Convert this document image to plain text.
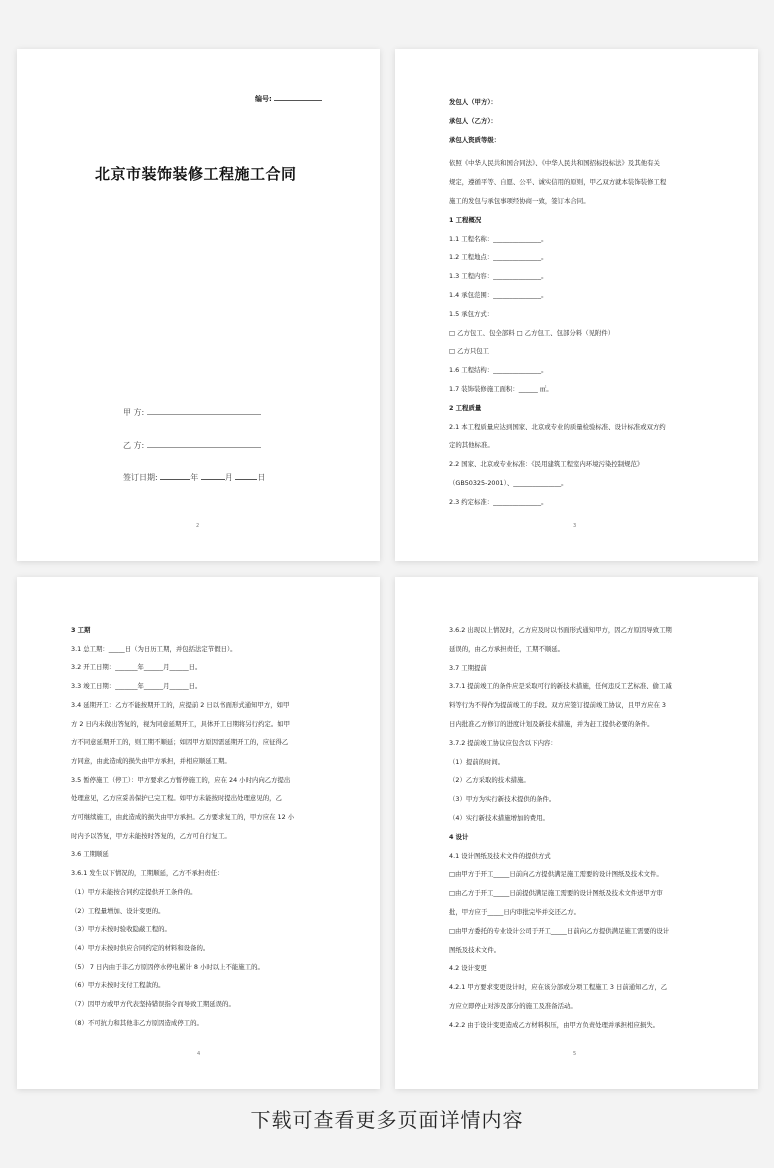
编号:
北京市装饰装修工程施工合同
甲 方:
乙 方:
签订日期:	年	月	日
2
发包人（甲方）：
承包人（乙方）：
承包人资质等级：
依照《中华人民共和国合同法》、《中华人民共和国招标投标法》及其他有关
规定，遵循平等、自愿、公平、诚实信用的原则，甲乙双方就本装饰装修工程
施工的发包与承包事项经协商一致，签订本合同。
1 工程概况
1.1 工程名称：_______________。
1.2 工程地点：_______________。
1.3 工程内容：_______________。
1.4 承包范围：_______________。
1.5 承包方式：
□ 乙方包工、包全部料 □ 乙方包工、包部分料（见附件）
□ 乙方只包工
1.6 工程结构：_______________。
1.7 装饰装修施工面积：______ ㎡。
2 工程质量
2.1 本工程质量应达到国家、北京或专业的质量检验标准、设计标准或双方约
定的其他标准。
2.2 国家、北京或专业标准：《民用建筑工程室内环境污染控制规范》
（GB50325-2001）、_______________。
2.3 约定标准：_______________。
3
3 工期
3.1 总工期：_____日（为日历工期，并包括法定节假日）。
3.2 开工日期：_______年______月______日。
3.3 竣工日期：_______年______月______日。
3.4 延期开工：乙方不能按期开工的，应提前 2 日以书面形式通知甲方，如甲
方 2 日内未做出答复的，视为同意延期开工，具体开工日期将另行约定。如甲
方不同意延期开工的，则工期不顺延；如因甲方原因需延期开工的，应征得乙
方同意，由此造成的损失由甲方承担，并相应顺延工期。
3.5 暂停施工（停工）：甲方要求乙方暂停施工的，应在 24 小时内向乙方提出
处理意见，乙方应妥善保护已完工程。如甲方未能按时提出处理意见的，乙
方可继续施工，由此造成的损失由甲方承担。乙方要求复工的，甲方应在 12 小
时内予以答复，甲方未能按时答复的，乙方可自行复工。
3.6 工期顺延
3.6.1 发生以下情况的，工期顺延，乙方不承担责任：
（1）甲方未能按合同约定提供开工条件的。
（2）工程量增加、设计变更的。
（3）甲方未按时验收隐蔽工程的。
（4）甲方未按时供应合同约定的材料和设备的。
（5） 7 日内由于非乙方原因停水停电累计 8 小时以上不能施工的。
（6）甲方未按时支付工程款的。
（7）因甲方或甲方代表坚持错误指令而导致工期延误的。
（8）不可抗力和其他非乙方原因造成停工的。
4
3.6.2 出现以上情况时，乙方应及时以书面形式通知甲方，因乙方原因导致工期
延误的，由乙方承担责任，工期不顺延。
3.7 工期提前
3.7.1 提前竣工的条件应是采取可行的新技术措施，任何违反工艺标准、偷工减
料等行为不得作为提前竣工的手段。双方应签订提前竣工协议，且甲方应在 3
日内批准乙方修订的进度计划及新技术措施，并为赶工提供必要的条件。
3.7.2 提前竣工协议应包含以下内容：
（1）提前的时间。
（2）乙方采取的技术措施。
（3）甲方为实行新技术提供的条件。
（4）实行新技术措施增加的费用。
4 设计
4.1 设计图纸及技术文件的提供方式
□由甲方于开工_____日前向乙方提供满足施工需要的设计图纸及技术文件。
□由乙方于开工_____日前提供满足施工需要的设计图纸及技术文件送甲方审
批，甲方应于_____日内审批完毕并交还乙方。
□由甲方委托的专业设计公司于开工_____日前向乙方提供满足施工需要的设计
图纸及技术文件。
4.2 设计变更
4.2.1 甲方要求变更设计时，应在该分部或分项工程施工 3 日前通知乙方，乙
方应立即停止对涉及部分的施工及准备活动。
4.2.2 由于设计变更造成乙方材料积压，由甲方负责处理并承担相应损失。
5
下载可查看更多页面详情内容
